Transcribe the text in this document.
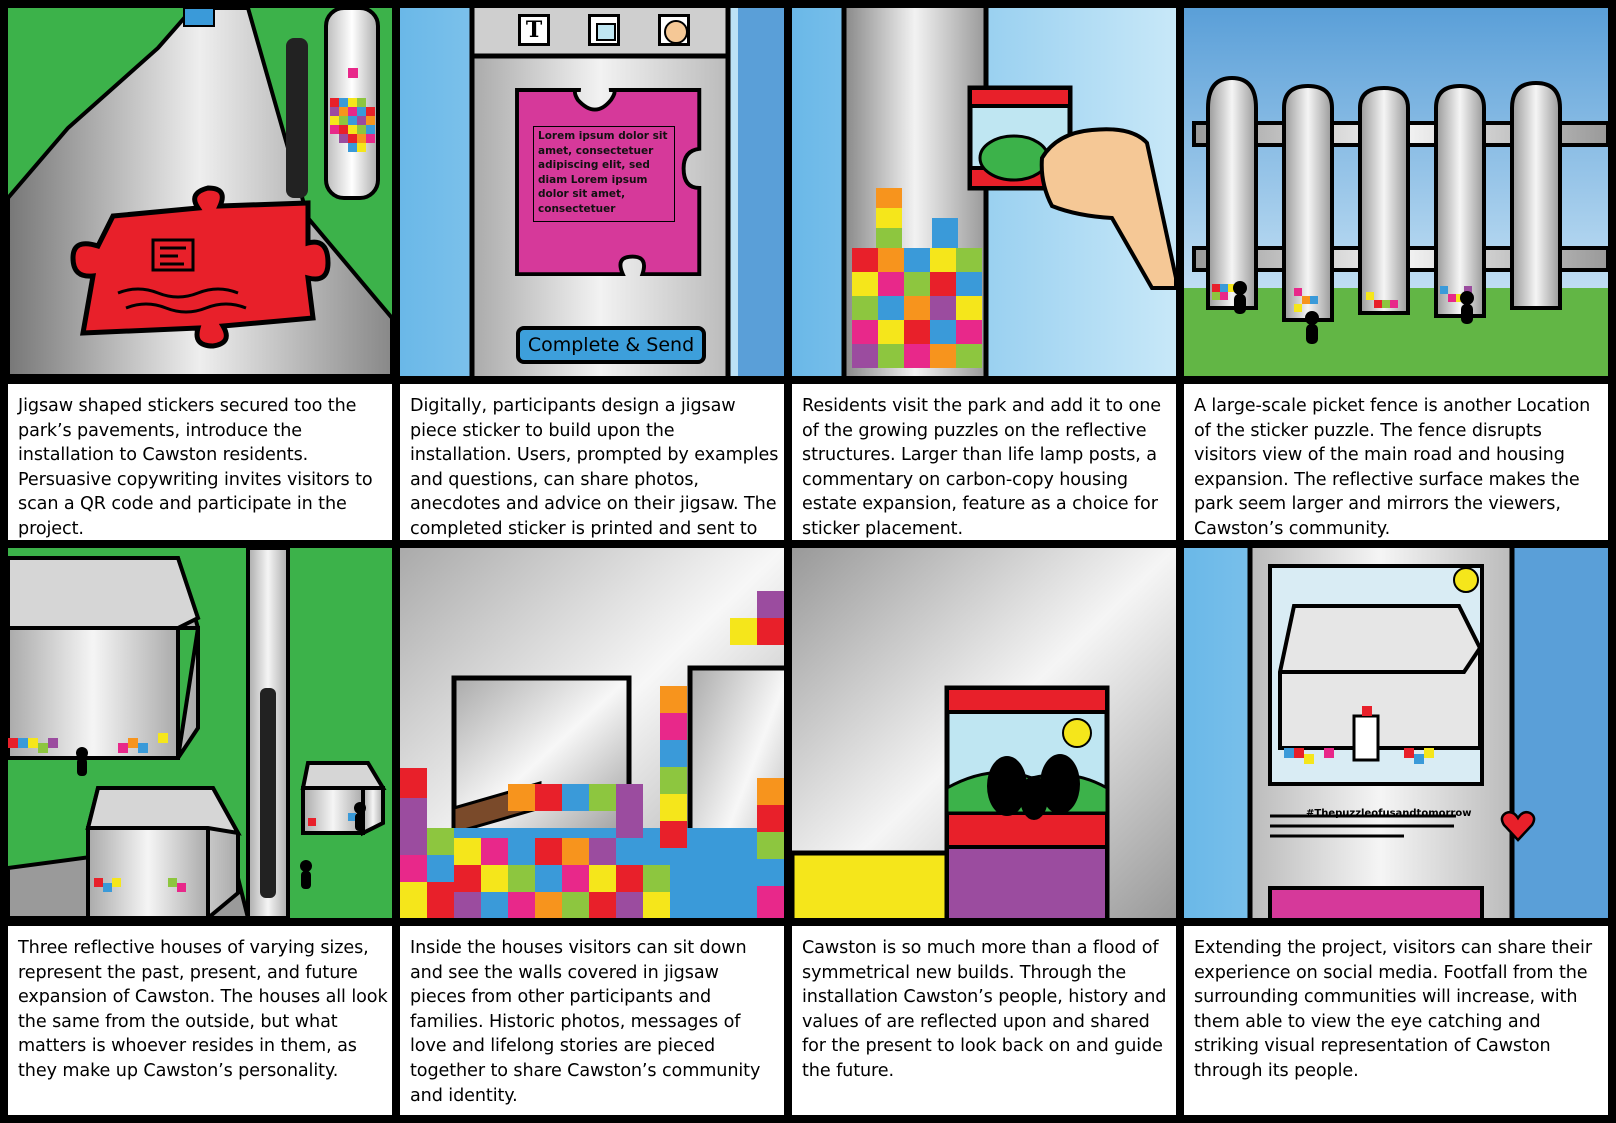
Jigsaw shaped stickers secured too the park’s pavements, introduce the installation to Cawston residents. Persuasive copywriting invites visitors to scan a QR code and participate in the project.
Digitally, participants design a jigsaw piece sticker to build upon the installation. Users, prompted by examples and questions, can share photos, anecdotes and advice on their jigsaw. The completed sticker is printed and sent to
Residents visit the park and add it to one of the growing puzzles on the reflective structures. Larger than life lamp posts, a commentary on carbon-copy housing estate expansion, feature as a choice for sticker placement.
A large-scale picket fence is another Location of the sticker puzzle. The fence disrupts visitors view of the main road and housing expansion. The reflective surface makes the park seem larger and mirrors the viewers, Cawston’s community.
Three reflective houses of varying sizes, represent the past, present, and future expansion of Cawston. The houses all look the same from the outside, but what matters is whoever resides in them, as they make up Cawston’s personality.
Inside the houses visitors can sit down and see the walls covered in jigsaw pieces from other participants and families. Historic photos, messages of love and lifelong stories are pieced together to share Cawston’s community and identity.
Cawston is so much more than a flood of symmetrical new builds. Through the installation Cawston’s people, history and values of are reflected upon and shared for the present to look back on and guide the future.
Extending the project, visitors can share their experience on social media. Footfall from the surrounding communities will increase, with them able to view the eye catching and striking visual representation of Cawston through its people.
T
Lorem ipsum dolor sit
amet, consectetuer
adipiscing elit, sed
diam Lorem ipsum
dolor sit amet,
consectetuer
Complete & Send
#Thepuzzleofusandtomorrow
